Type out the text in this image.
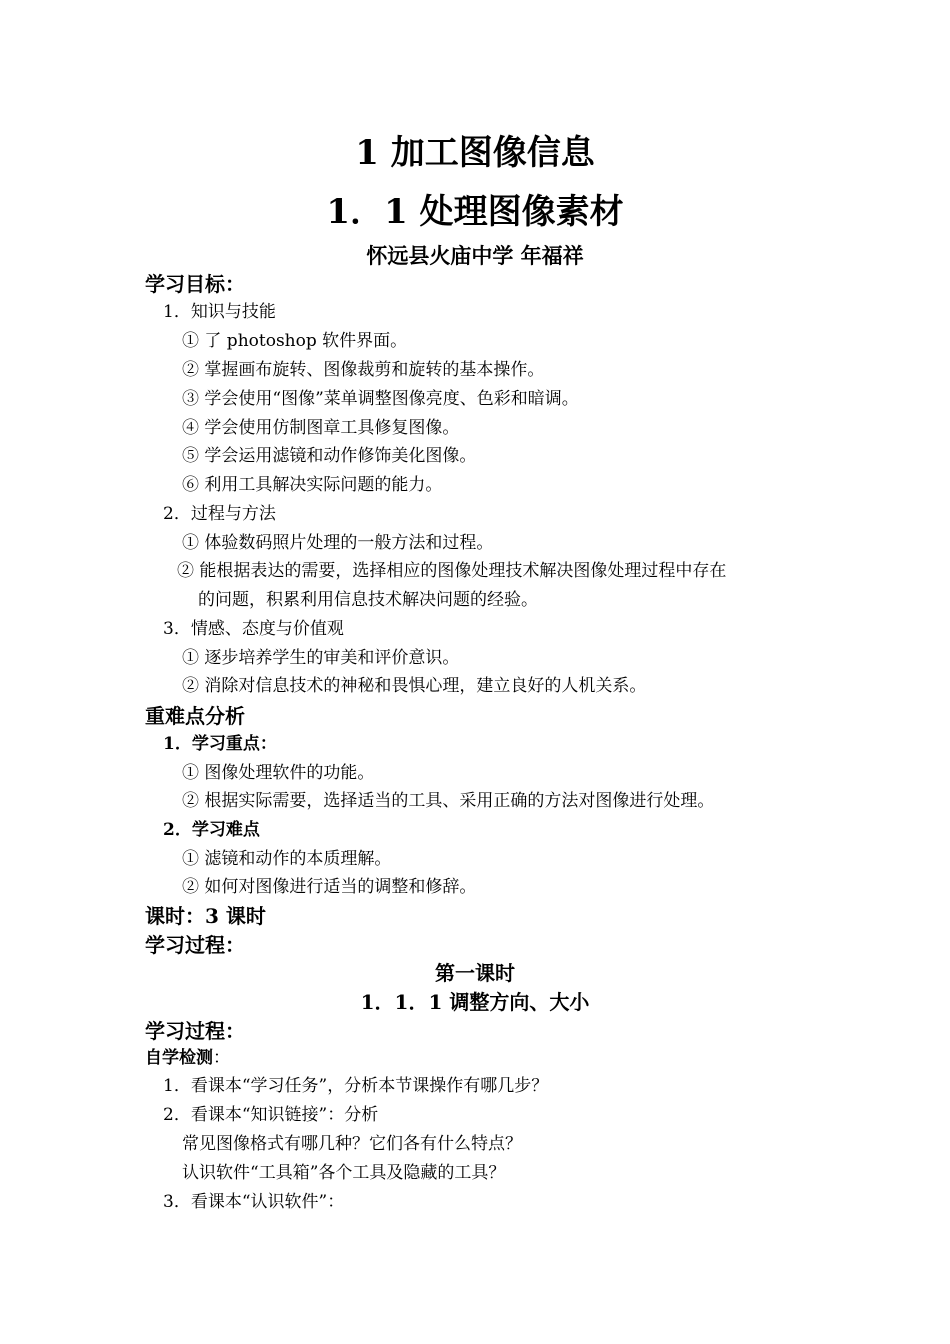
1 加工图像信息
1．1 处理图像素材
怀远县火庙中学 年福祥
学习目标：
1．知识与技能
① 了 photoshop 软件界面。
② 掌握画布旋转、图像裁剪和旋转的基本操作。
③ 学会使用“图像”菜单调整图像亮度、色彩和暗调。
④ 学会使用仿制图章工具修复图像。
⑤ 学会运用滤镜和动作修饰美化图像。
⑥ 利用工具解决实际问题的能力。
2．过程与方法
① 体验数码照片处理的一般方法和过程。
② 能根据表达的需要，选择相应的图像处理技术解决图像处理过程中存在
的问题，积累利用信息技术解决问题的经验。
3．情感、态度与价值观
① 逐步培养学生的审美和评价意识。
② 消除对信息技术的神秘和畏惧心理，建立良好的人机关系。
重难点分析
1．学习重点：
① 图像处理软件的功能。
② 根据实际需要，选择适当的工具、采用正确的方法对图像进行处理。
2．学习难点
① 滤镜和动作的本质理解。
② 如何对图像进行适当的调整和修辞。
课时：3 课时
学习过程：
第一课时
1．1．1 调整方向、大小
学习过程：
自学检测：
1．看课本“学习任务”，分析本节课操作有哪几步？
2．看课本“知识链接”：分析
常见图像格式有哪几种？它们各有什么特点？
认识软件“工具箱”各个工具及隐藏的工具？
3．看课本“认识软件”：
